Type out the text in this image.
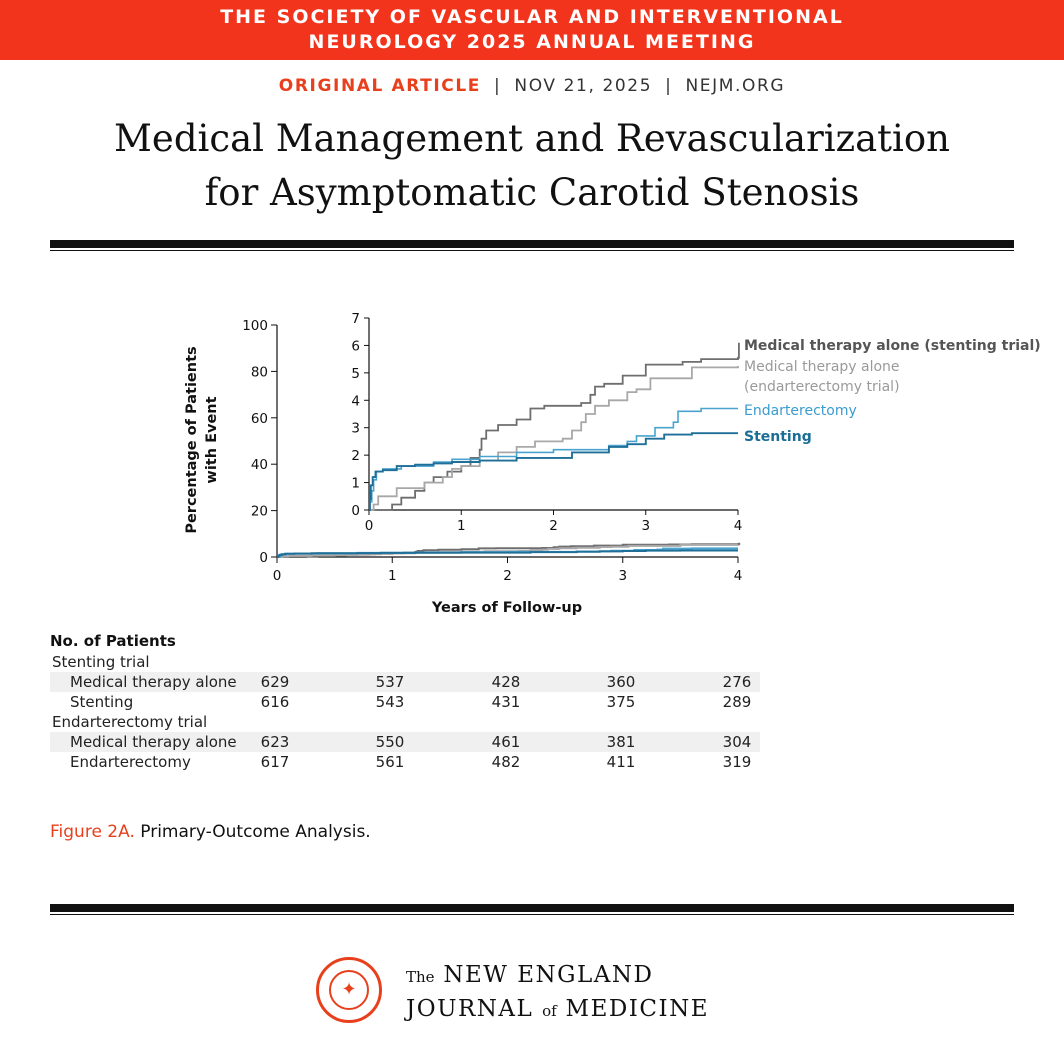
THE SOCIETY OF VASCULAR AND INTERVENTIONAL
NEUROLOGY 2025 ANNUAL MEETING
ORIGINAL ARTICLE | NOV 21, 2025 | NEJM.ORG
Medical Management and Revascularization
for Asymptomatic Carotid Stenosis
0
20
40
60
80
100
0	1	2	3	4
0
1
2
3
4
5
6
7
0	1	2	3	4
Percentage of Patients with Event
Years of Follow-up
Medical therapy alone (stenting trial)
Medical therapy alone
(endarterectomy trial)
Endarterectomy
Stenting
No. of Patients
Stenting trial
Medical therapy alone	629	537	428	360	276
Stenting	616	543	431	375	289
Endarterectomy trial
Medical therapy alone	623	550	461	381	304
Endarterectomy	617	561	482	411	319
Figure 2A. Primary-Outcome Analysis.
✦
The NEW ENGLAND
JOURNAL of MEDICINE
